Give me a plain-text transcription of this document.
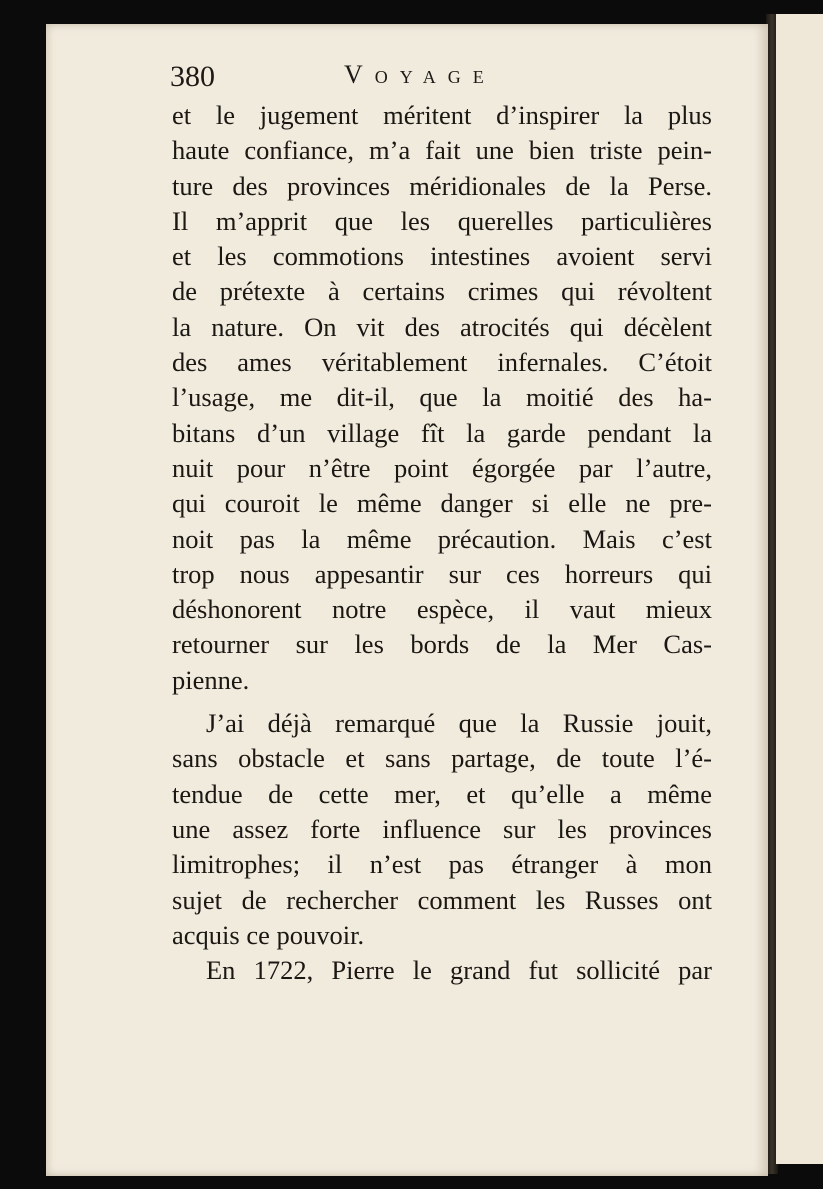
380	Voyage
et le jugement méritent d’inspirer la plus
haute confiance, m’a fait une bien triste pein-
ture des provinces méridionales de la Perse.
Il m’apprit que les querelles particulières
et les commotions intestines avoient servi
de prétexte à certains crimes qui révoltent
la nature. On vit des atrocités qui décèlent
des ames véritablement infernales. C’étoit
l’usage, me dit-il, que la moitié des ha-
bitans d’un village fît la garde pendant la
nuit pour n’être point égorgée par l’autre,
qui couroit le même danger si elle ne pre-
noit pas la même précaution. Mais c’est
trop nous appesantir sur ces horreurs qui
déshonorent notre espèce, il vaut mieux
retourner sur les bords de la Mer Cas-
pienne.
J’ai déjà remarqué que la Russie jouit,
sans obstacle et sans partage, de toute l’é-
tendue de cette mer, et qu’elle a même
une assez forte influence sur les provinces
limitrophes; il n’est pas étranger à mon
sujet de rechercher comment les Russes ont
acquis ce pouvoir.
En 1722, Pierre le grand fut sollicité par
